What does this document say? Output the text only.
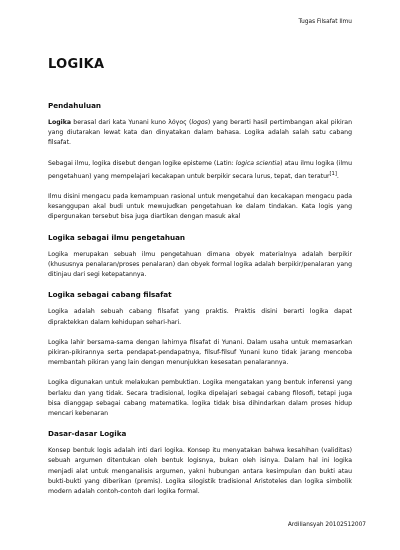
Tugas Filsafat Ilmu
LOGIKA
Pendahuluan

Logika berasal dari kata Yunani kuno λόγος (logos) yang berarti hasil pertimbangan akal pikiran yang diutarakan lewat kata dan dinyatakan dalam bahasa. Logika adalah salah satu cabang filsafat.

Sebagai ilmu, logika disebut dengan logike episteme (Latin: logica scientia) atau ilmu logika (ilmu pengetahuan) yang mempelajari kecakapan untuk berpikir secara lurus, tepat, dan teratur[1].

Ilmu disini mengacu pada kemampuan rasional untuk mengetahui dan kecakapan mengacu pada kesanggupan akal budi untuk mewujudkan pengetahuan ke dalam tindakan. Kata logis yang dipergunakan tersebut bisa juga diartikan dengan masuk akal

Logika sebagai ilmu pengetahuan

Logika merupakan sebuah ilmu pengetahuan dimana obyek materialnya adalah berpikir (khususnya penalaran/proses penalaran) dan obyek formal logika adalah berpikir/penalaran yang ditinjau dari segi ketepatannya.

Logika sebagai cabang filsafat

Logika adalah sebuah cabang filsafat yang praktis. Praktis disini berarti logika dapat dipraktekkan dalam kehidupan sehari-hari.

Logika lahir bersama-sama dengan lahirnya filsafat di Yunani. Dalam usaha untuk memasarkan pikiran-pikirannya serta pendapat-pendapatnya, filsuf-filsuf Yunani kuno tidak jarang mencoba membantah pikiran yang lain dengan menunjukkan kesesatan penalarannya.

Logika digunakan untuk melakukan pembuktian. Logika mengatakan yang bentuk inferensi yang berlaku dan yang tidak. Secara tradisional, logika dipelajari sebagai cabang filosofi, tetapi juga bisa dianggap sebagai cabang matematika. logika tidak bisa dihindarkan dalam proses hidup mencari kebenaran

Dasar-dasar Logika

Konsep bentuk logis adalah inti dari logika. Konsep itu menyatakan bahwa kesahihan (validitas) sebuah argumen ditentukan oleh bentuk logisnya, bukan oleh isinya. Dalam hal ini logika menjadi alat untuk menganalisis argumen, yakni hubungan antara kesimpulan dan bukti atau bukti-bukti yang diberikan (premis). Logika silogistik tradisional Aristoteles dan logika simbolik modern adalah contoh-contoh dari logika formal.

Ardiliansyah 20102512007
